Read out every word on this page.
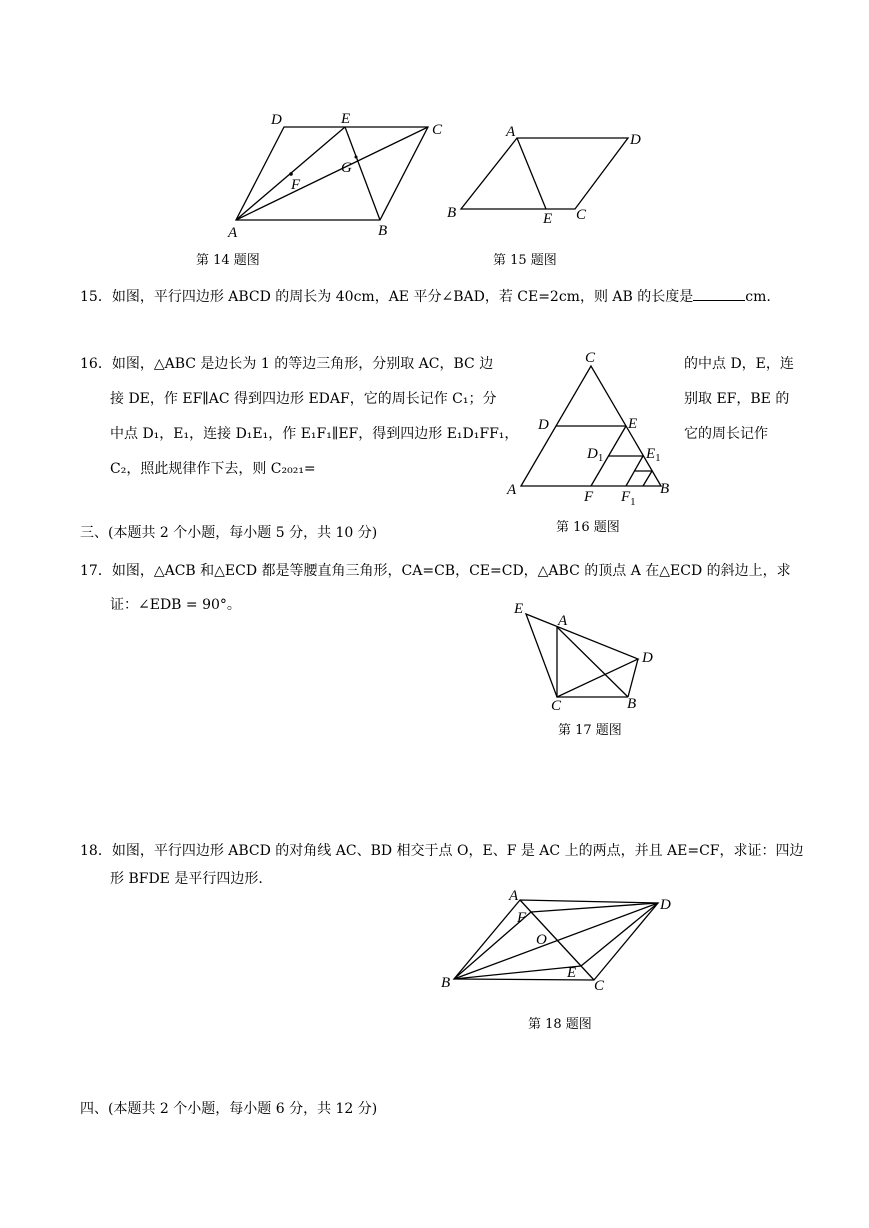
D	E
C
G
F
A	B
A	D
B	E C
C
D	E
$D_1$	$E_1$
A	F $F_1$
B
E
A
D
C	B
A
D
F
O
E
B	C
第 14 题图	第 15 题图
15．如图，平行四边形 ABCD 的周长为 40cm，AE 平分∠BAD，若 CE=2cm，则 AB 的长度是	cm.
16．如图，△ABC 是边长为 1 的等边三角形，分别取 AC，BC 边
接 DE，作 EF∥AC 得到四边形 EDAF，它的周长记作 C₁；分
中点 D₁，E₁，连接 D₁E₁，作 E₁F₁∥EF，得到四边形 E₁D₁FF₁，
C₂，照此规律作下去，则 C₂₀₂₁=
的中点 D，E，连
别取 EF，BE 的
它的周长记作
第 16 题图
三、(本题共 2 个小题，每小题 5 分，共 10 分)
17．如图，△ACB 和△ECD 都是等腰直角三角形，CA=CB，CE=CD，△ABC 的顶点 A 在△ECD 的斜边上，求
证：∠EDB = 90°。
第 17 题图
18．如图，平行四边形 ABCD 的对角线 AC、BD 相交于点 O，E、F 是 AC 上的两点，并且 AE=CF，求证：四边
形 BFDE 是平行四边形.
第 18 题图
四、(本题共 2 个小题，每小题 6 分，共 12 分)
